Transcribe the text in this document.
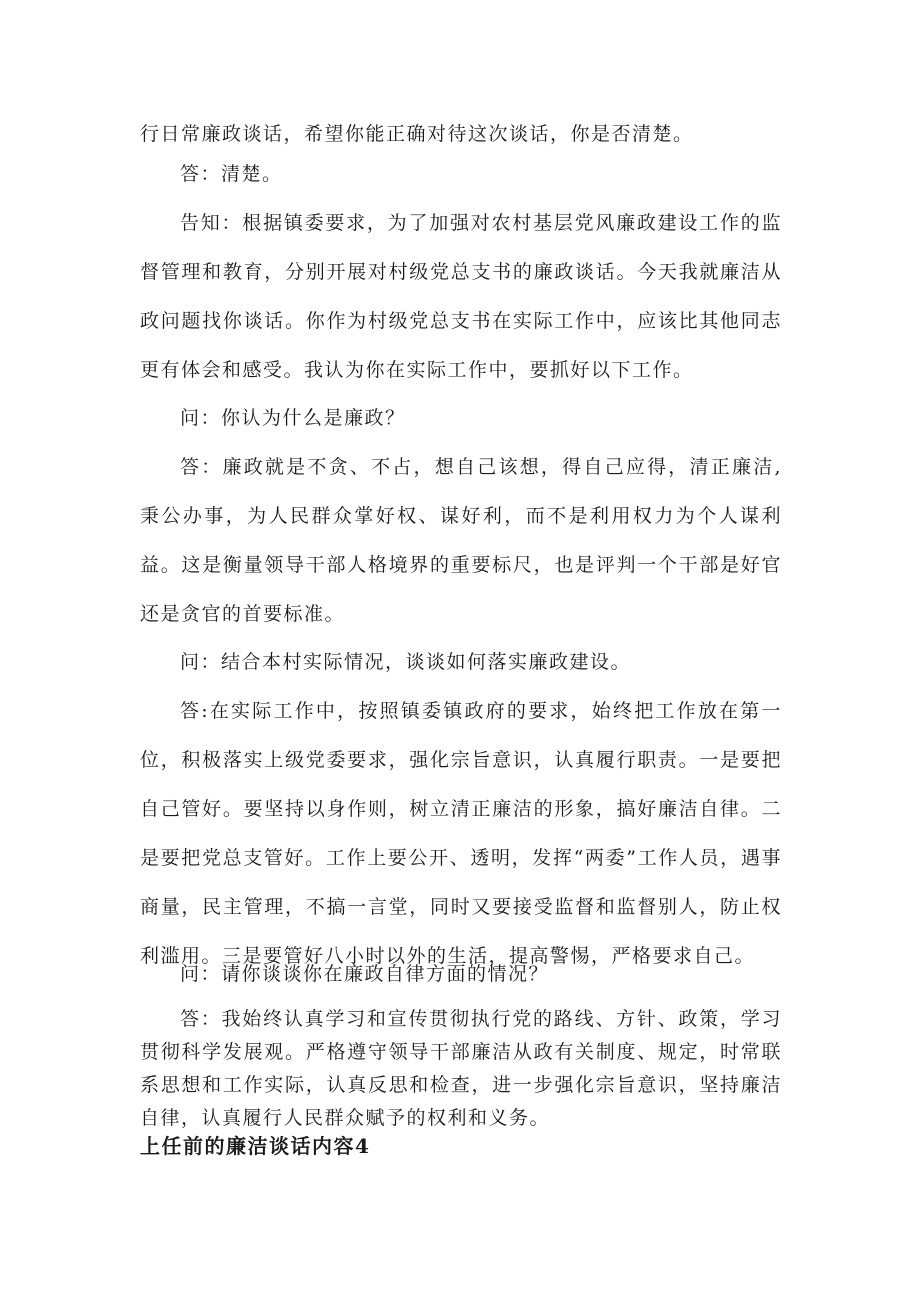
行日常廉政谈话，希望你能正确对待这次谈话，你是否清楚。

答：清楚。

告知：根据镇委要求，为了加强对农村基层党风廉政建设工作的监督管理和教育，分别开展对村级党总支书的廉政谈话。今天我就廉洁从政问题找你谈话。你作为村级党总支书在实际工作中，应该比其他同志更有体会和感受。我认为你在实际工作中，要抓好以下工作。

问：你认为什么是廉政？

答：廉政就是不贪、不占，想自己该想，得自己应得，清正廉洁,秉公办事，为人民群众掌好权、谋好利，而不是利用权力为个人谋利益。这是衡量领导干部人格境界的重要标尺，也是评判一个干部是好官还是贪官的首要标准。

问：结合本村实际情况，谈谈如何落实廉政建设。

答:在实际工作中，按照镇委镇政府的要求，始终把工作放在第一位，积极落实上级党委要求，强化宗旨意识，认真履行职责。一是要把自己管好。要坚持以身作则，树立清正廉洁的形象，搞好廉洁自律。二是要把党总支管好。工作上要公开、透明，发挥“两委”工作人员，遇事商量，民主管理，不搞一言堂，同时又要接受监督和监督别人，防止权利滥用。三是要管好八小时以外的生活，提高警惕，严格要求自己。

问：请你谈谈你在廉政自律方面的情况？

答：我始终认真学习和宣传贯彻执行党的路线、方针、政策，学习贯彻科学发展观。严格遵守领导干部廉洁从政有关制度、规定，时常联系思想和工作实际，认真反思和检查，进一步强化宗旨意识，坚持廉洁自律，认真履行人民群众赋予的权利和义务。

上任前的廉洁谈话内容4
